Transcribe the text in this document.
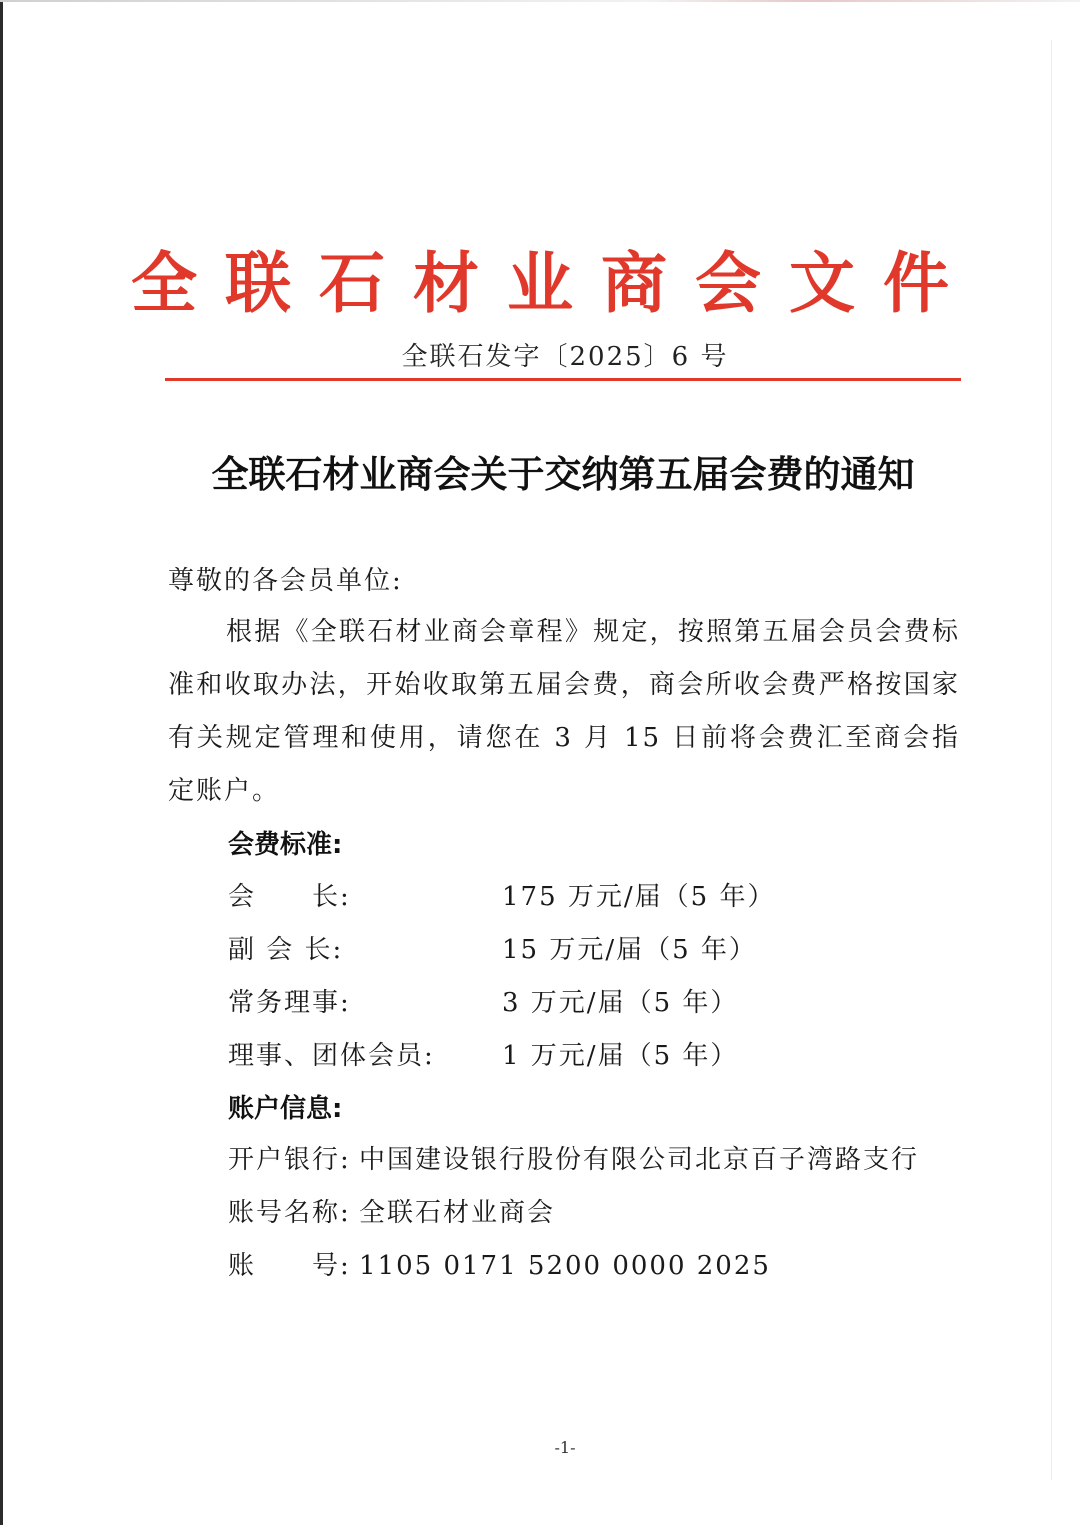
全联石材业商会文件
全联石发字〔2025〕6 号
全联石材业商会关于交纳第五届会费的通知
尊敬的各会员单位:
根据《全联石材业商会章程》规定，按照第五届会员会费标准和收取办法，开始收取第五届会费，商会所收会费严格按国家有关规定管理和使用，请您在 3 月 15 日前将会费汇至商会指定账户。
会费标准:
会　　长:	175 万元/届（5 年）
副 会 长:	15 万元/届（5 年）
常务理事:	3 万元/届（5 年）
理事、团体会员:	1 万元/届（5 年）
账户信息:
开户银行: 中国建设银行股份有限公司北京百子湾路支行
账号名称: 全联石材业商会
账　　号: 1105 0171 5200 0000 2025
-1-
